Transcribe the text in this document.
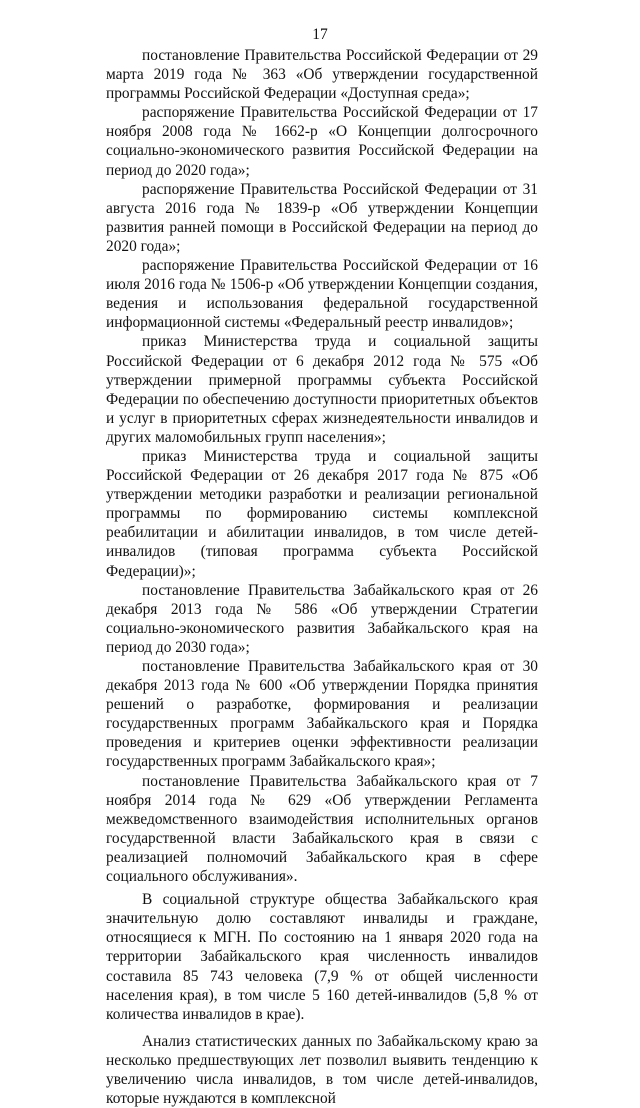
17

постановление Правительства Российской Федерации от 29 марта 2019 года № 363 «Об утверждении государственной программы Российской Федерации «Доступная среда»;

распоряжение Правительства Российской Федерации от 17 ноября 2008 года № 1662-р «О Концепции долгосрочного социально-экономического развития Российской Федерации на период до 2020 года»;

распоряжение Правительства Российской Федерации от 31 августа 2016 года № 1839-р «Об утверждении Концепции развития ранней помощи в Российской Федерации на период до 2020 года»;

распоряжение Правительства Российской Федерации от 16 июля 2016 года № 1506-р «Об утверждении Концепции создания, ведения и использования федеральной государственной информационной системы «Федеральный реестр инвалидов»;

приказ Министерства труда и социальной защиты Российской Федерации от 6 декабря 2012 года № 575 «Об утверждении примерной программы субъекта Российской Федерации по обеспечению доступности приоритетных объектов и услуг в приоритетных сферах жизнедеятельности инвалидов и других маломобильных групп населения»;

приказ Министерства труда и социальной защиты Российской Федерации от 26 декабря 2017 года № 875 «Об утверждении методики разработки и реализации региональной программы по формированию системы комплексной реабилитации и абилитации инвалидов, в том числе детей-инвалидов (типовая программа субъекта Российской Федерации)»;

постановление Правительства Забайкальского края от 26 декабря 2013 года № 586 «Об утверждении Стратегии социально-экономического развития Забайкальского края на период до 2030 года»;

постановление Правительства Забайкальского края от 30 декабря 2013 года № 600 «Об утверждении Порядка принятия решений о разработке, формирования и реализации государственных программ Забайкальского края и Порядка проведения и критериев оценки эффективности реализации государственных программ Забайкальского края»;

постановление Правительства Забайкальского края от 7 ноября 2014 года № 629 «Об утверждении Регламента межведомственного взаимодействия исполнительных органов государственной власти Забайкальского края в связи с реализацией полномочий Забайкальского края в сфере социального обслуживания».

В социальной структуре общества Забайкальского края значительную долю составляют инвалиды и граждане, относящиеся к МГН. По состоянию на 1 января 2020 года на территории Забайкальского края численность инвалидов составила 85 743 человека (7,9 % от общей численности населения края), в том числе 5 160 детей-инвалидов (5,8 % от количества инвалидов в крае).

Анализ статистических данных по Забайкальскому краю за несколько предшествующих лет позволил выявить тенденцию к увеличению числа инвалидов, в том числе детей-инвалидов, которые нуждаются в комплексной
